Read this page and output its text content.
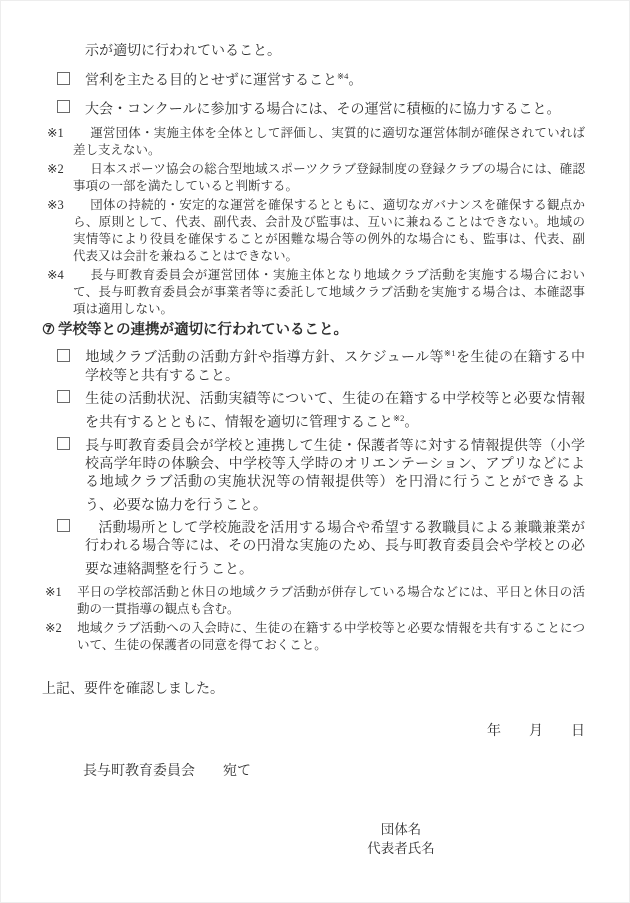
示が適切に行われていること。
営利を主たる目的とせずに運営すること$^{※4}$。
大会・コンクールに参加する場合には、その運営に積極的に協力すること。
※1 運営団体・実施主体を全体として評価し、実質的に適切な運営体制が確保されていれば差し支えない。
※2 日本スポーツ協会の総合型地域スポーツクラブ登録制度の登録クラブの場合には、確認事項の一部を満たしていると判断する。
※3 団体の持続的・安定的な運営を確保するとともに、適切なガバナンスを確保する観点から、原則として、代表、副代表、会計及び監事は、互いに兼ねることはできない。地域の実情等により役員を確保することが困難な場合等の例外的な場合にも、監事は、代表、副代表又は会計を兼ねることはできない。
※4 長与町教育委員会が運営団体・実施主体となり地域クラブ活動を実施する場合において、長与町教育委員会が事業者等に委託して地域クラブ活動を実施する場合は、本確認事項は適用しない。
⑦ 学校等との連携が適切に行われていること。
地域クラブ活動の活動方針や指導方針、スケジュール等$^{※1}$を生徒の在籍する中学校等と共有すること。
生徒の活動状況、活動実績等について、生徒の在籍する中学校等と必要な情報を共有するとともに、情報を適切に管理すること$^{※2}$。
長与町教育委員会が学校と連携して生徒・保護者等に対する情報提供等（小学校高学年時の体験会、中学校等入学時のオリエンテーション、アプリなどによる地域クラブ活動の実施状況等の情報提供等）を円滑に行うことができるよう、必要な協力を行うこと。
活動場所として学校施設を活用する場合や希望する教職員による兼職兼業が行われる場合等には、その円滑な実施のため、長与町教育委員会や学校との必要な連絡調整を行うこと。
※1 平日の学校部活動と休日の地域クラブ活動が併存している場合などには、平日と休日の活動の一貫指導の観点も含む。
※2 地域クラブ活動への入会時に、生徒の在籍する中学校等と必要な情報を共有することについて、生徒の保護者の同意を得ておくこと。
上記、要件を確認しました。
年　　月　　日
長与町教育委員会　　宛て
団体名
代表者氏名
